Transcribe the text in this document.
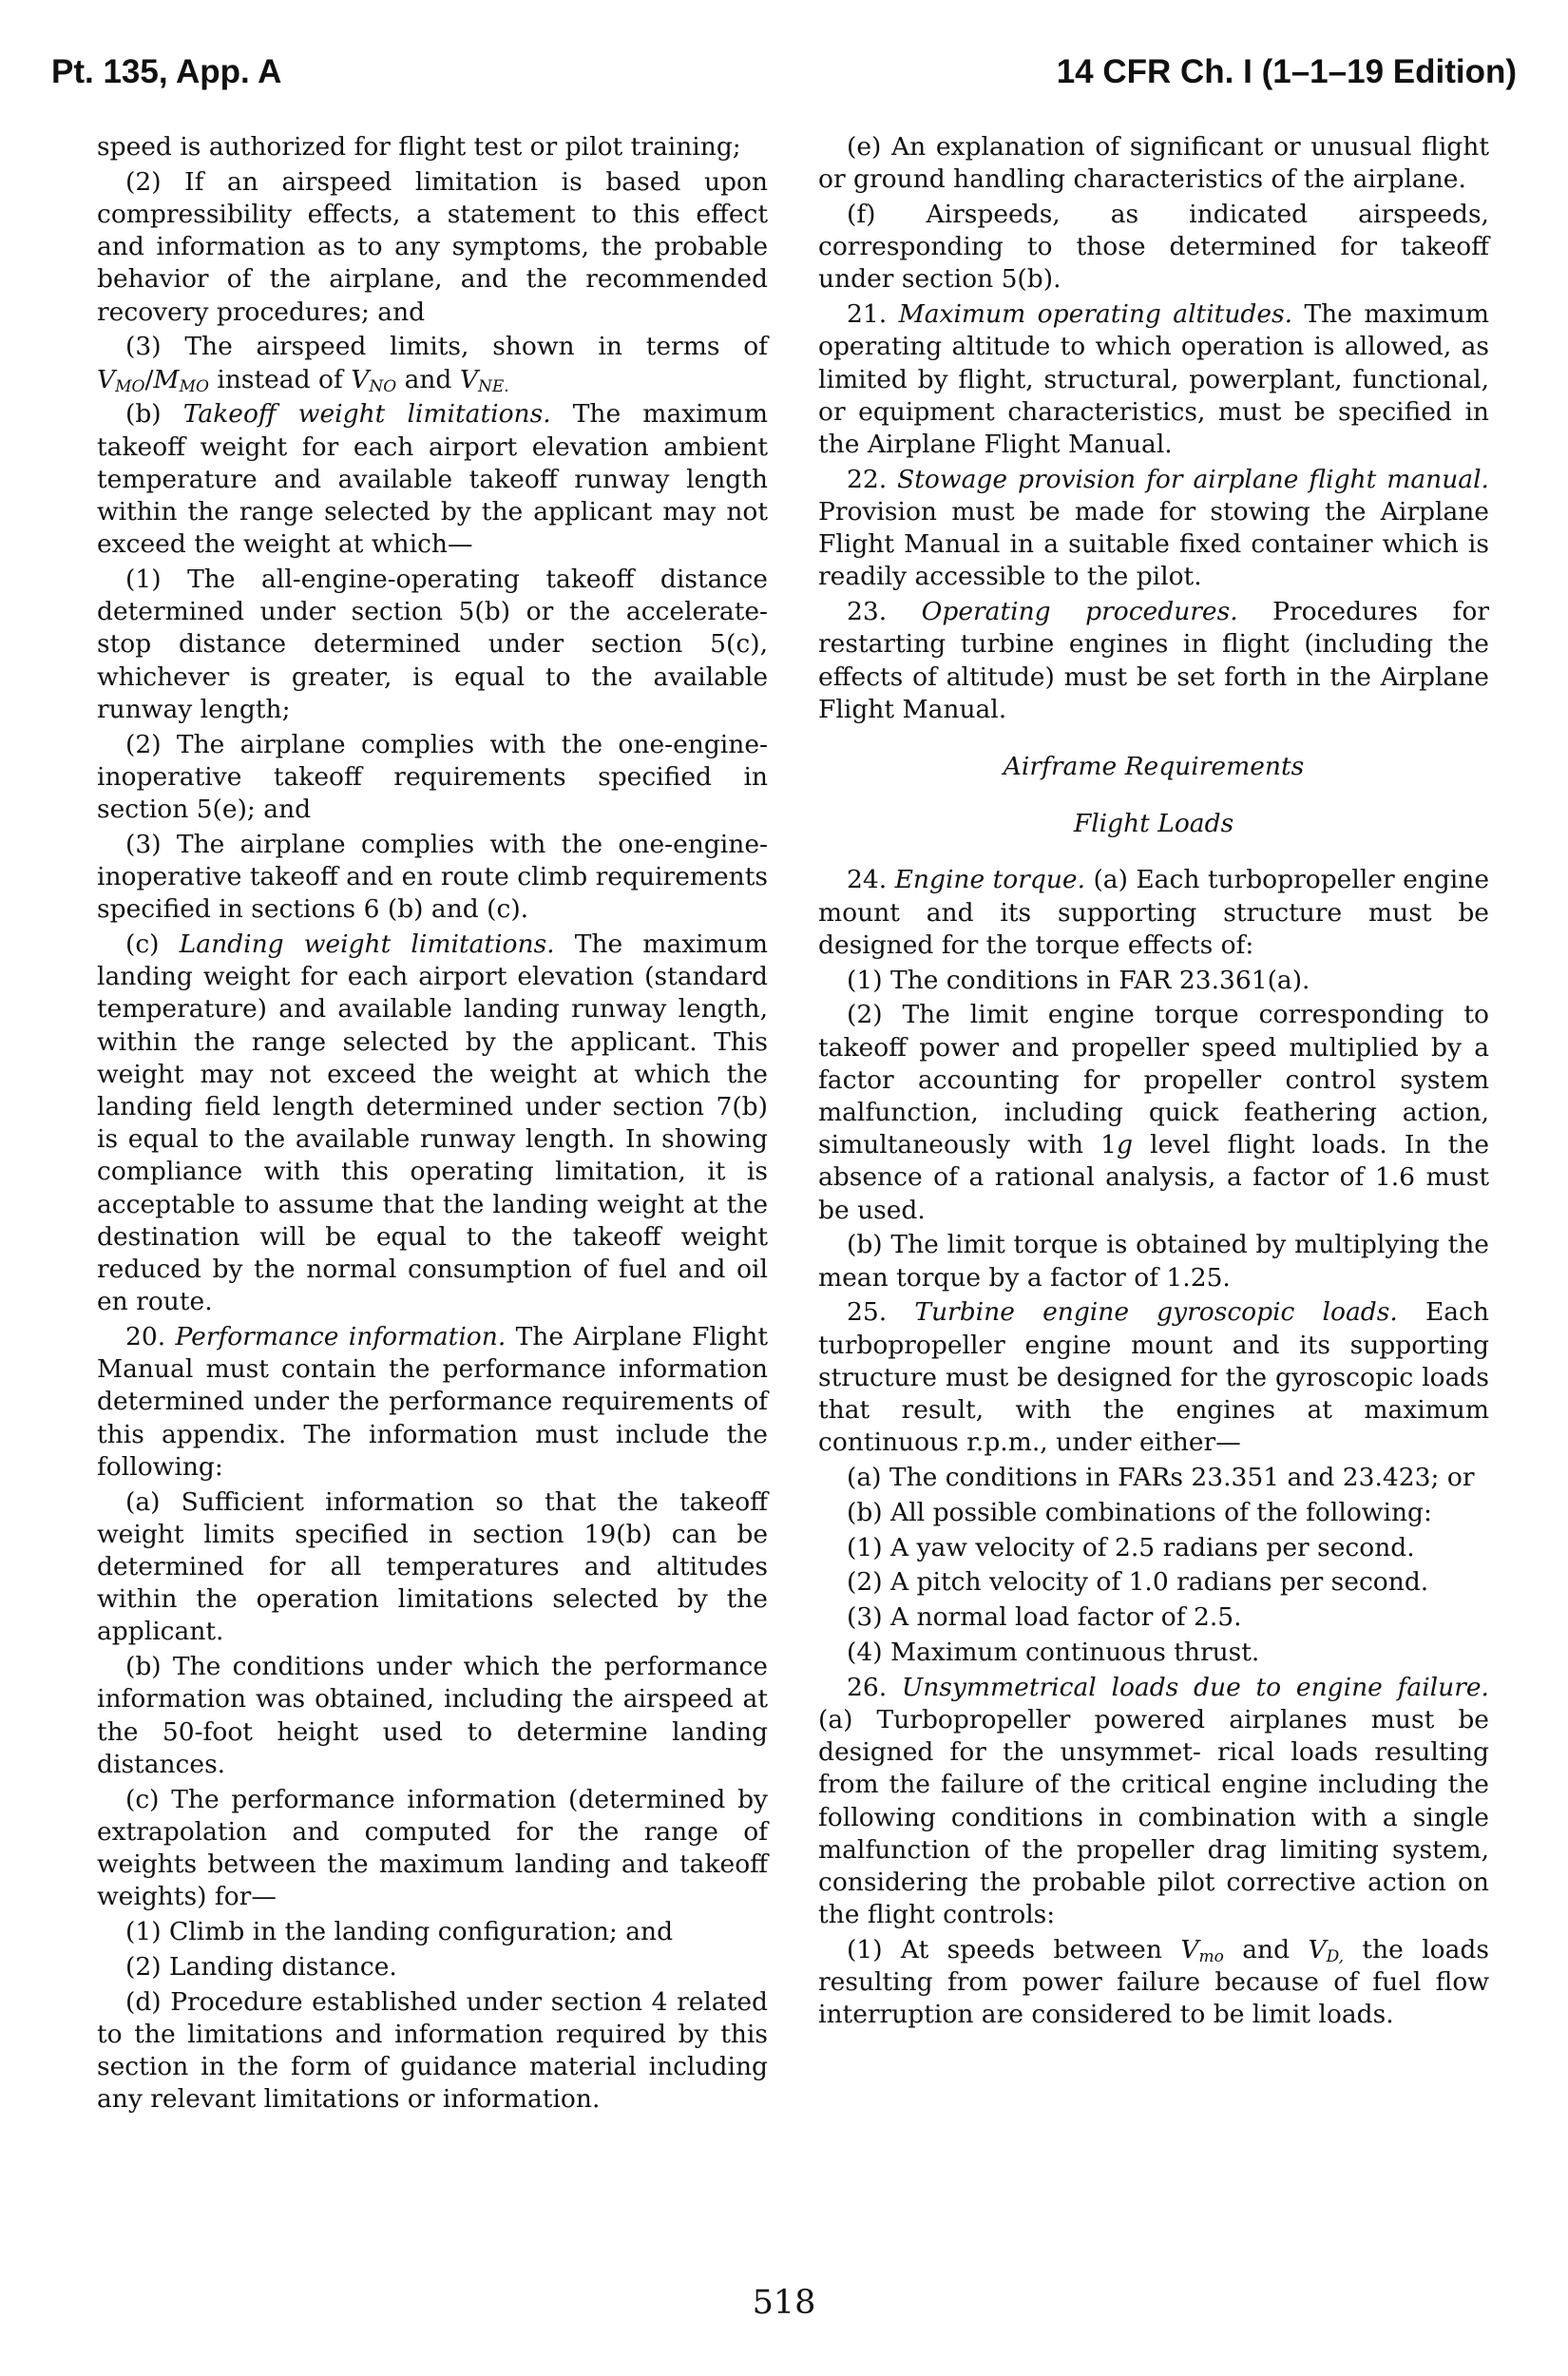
Pt. 135, App. A	14 CFR Ch. I (1–1–19 Edition)

speed is authorized for flight test or pilot training;

(2) If an airspeed limitation is based upon compressibility effects, a statement to this effect and information as to any symptoms, the probable behavior of the airplane, and the recommended recovery procedures; and

(3) The airspeed limits, shown in terms of $V_{MO}/M_{MO}$ instead of $V_{NO}$ and $V_{NE.}$

(b) Takeoff weight limitations. The maximum takeoff weight for each airport elevation ambient temperature and available takeoff runway length within the range selected by the applicant may not exceed the weight at which—

(1) The all-engine-operating takeoff distance determined under section 5(b) or the accelerate-stop distance determined under section 5(c), whichever is greater, is equal to the available runway length;

(2) The airplane complies with the one-engine-inoperative takeoff requirements specified in section 5(e); and

(3) The airplane complies with the one-engine-inoperative takeoff and en route climb requirements specified in sections 6 (b) and (c).

(c) Landing weight limitations. The maximum landing weight for each airport elevation (standard temperature) and available landing runway length, within the range selected by the applicant. This weight may not exceed the weight at which the landing field length determined under section 7(b) is equal to the available runway length. In showing compliance with this operating limitation, it is acceptable to assume that the landing weight at the destination will be equal to the takeoff weight reduced by the normal consumption of fuel and oil en route.

20. Performance information. The Airplane Flight Manual must contain the performance information determined under the performance requirements of this appendix. The information must include the following:

(a) Sufficient information so that the takeoff weight limits specified in section 19(b) can be determined for all temperatures and altitudes within the operation limitations selected by the applicant.

(b) The conditions under which the performance information was obtained, including the airspeed at the 50-foot height used to determine landing distances.

(c) The performance information (determined by extrapolation and computed for the range of weights between the maximum landing and takeoff weights) for—

(1) Climb in the landing configuration; and

(2) Landing distance.

(d) Procedure established under section 4 related to the limitations and information required by this section in the form of guidance material including any relevant limitations or information.

(e) An explanation of significant or unusual flight or ground handling characteristics of the airplane.

(f) Airspeeds, as indicated airspeeds, corresponding to those determined for takeoff under section 5(b).

21. Maximum operating altitudes. The maximum operating altitude to which operation is allowed, as limited by flight, structural, powerplant, functional, or equipment characteristics, must be specified in the Airplane Flight Manual.

22. Stowage provision for airplane flight manual. Provision must be made for stowing the Airplane Flight Manual in a suitable fixed container which is readily accessible to the pilot.

23. Operating procedures. Procedures for restarting turbine engines in flight (including the effects of altitude) must be set forth in the Airplane Flight Manual.

Airframe Requirements
Flight Loads

24. Engine torque. (a) Each turbopropeller engine mount and its supporting structure must be designed for the torque effects of:

(1) The conditions in FAR 23.361(a).

(2) The limit engine torque corresponding to takeoff power and propeller speed multiplied by a factor accounting for propeller control system malfunction, including quick feathering action, simultaneously with 1g level flight loads. In the absence of a rational analysis, a factor of 1.6 must be used.

(b) The limit torque is obtained by multiplying the mean torque by a factor of 1.25.

25. Turbine engine gyroscopic loads. Each turbopropeller engine mount and its supporting structure must be designed for the gyroscopic loads that result, with the engines at maximum continuous r.p.m., under either—

(a) The conditions in FARs 23.351 and 23.423; or

(b) All possible combinations of the following:

(1) A yaw velocity of 2.5 radians per second.

(2) A pitch velocity of 1.0 radians per second.

(3) A normal load factor of 2.5.

(4) Maximum continuous thrust.

26. Unsymmetrical loads due to engine failure. (a) Turbopropeller powered airplanes must be designed for the unsymmet- rical loads resulting from the failure of the critical engine including the following conditions in combination with a single malfunction of the propeller drag limiting system, considering the probable pilot corrective action on the flight controls:

(1) At speeds between $V_{mo}$ and $V_{D,}$ the loads resulting from power failure because of fuel flow interruption are considered to be limit loads.

518
